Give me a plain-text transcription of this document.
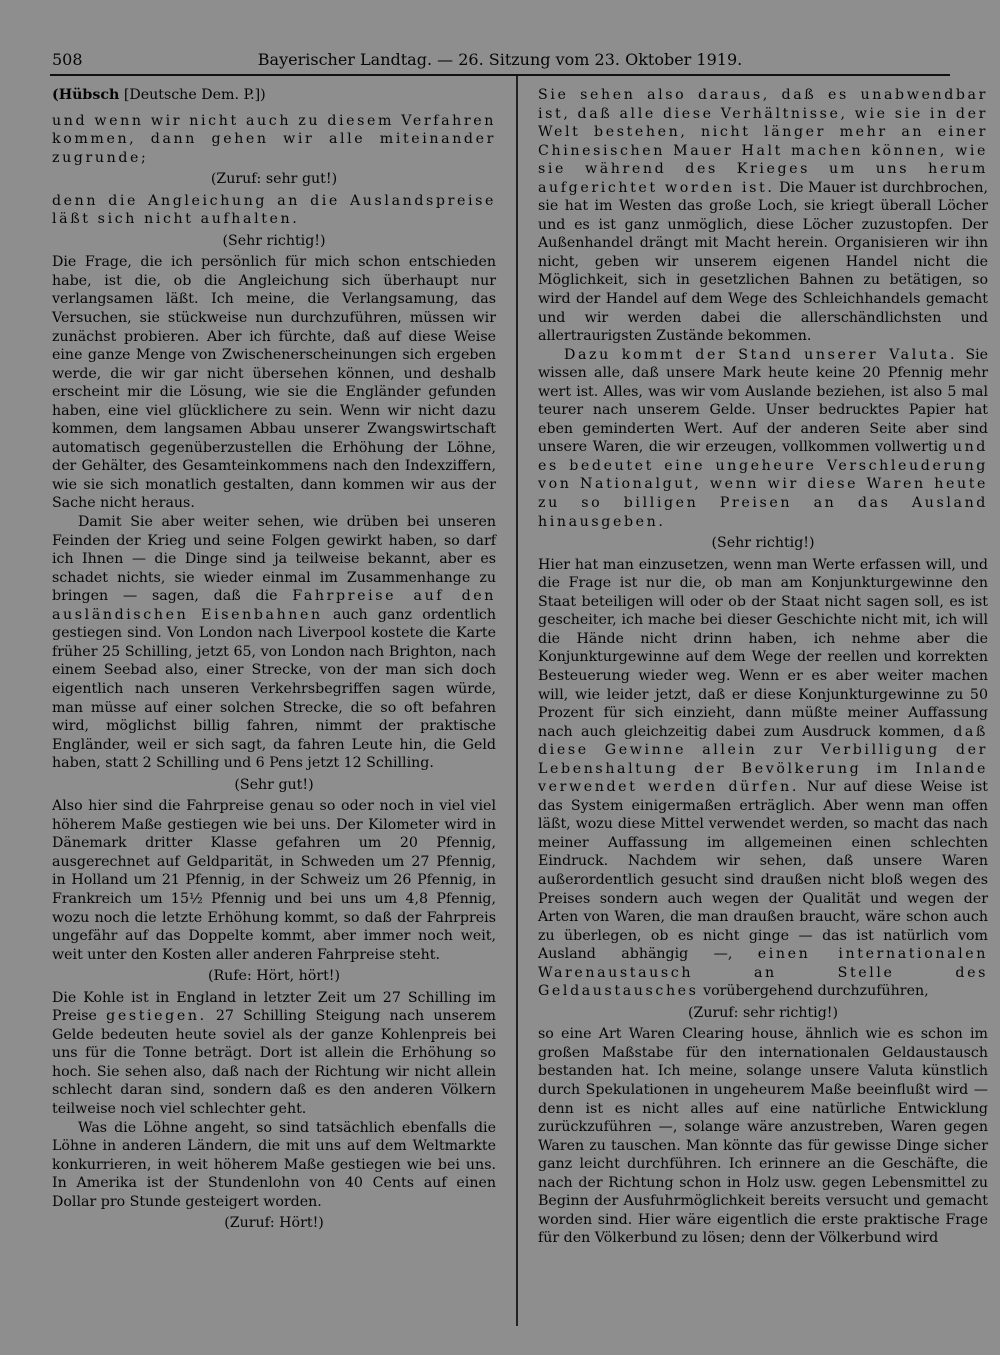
508	Bayerischer Landtag. — 26. Sitzung vom 23. Oktober 1919.

(Hübsch [Deutsche Dem. P.])

und wenn wir nicht auch zu diesem Verfahren kommen, dann gehen wir alle miteinander zugrunde;

(Zuruf: sehr gut!)

denn die Angleichung an die Auslandspreise läßt sich nicht aufhalten.

(Sehr richtig!)

Die Frage, die ich persönlich für mich schon entschieden habe, ist die, ob die Angleichung sich überhaupt nur verlangsamen läßt. Ich meine, die Verlangsamung, das Versuchen, sie stückweise nun durchzuführen, müssen wir zunächst probieren. Aber ich fürchte, daß auf diese Weise eine ganze Menge von Zwischenerscheinungen sich ergeben werde, die wir gar nicht übersehen können, und deshalb erscheint mir die Lösung, wie sie die Engländer gefunden haben, eine viel glücklichere zu sein. Wenn wir nicht dazu kommen, dem langsamen Abbau unserer Zwangswirtschaft automatisch gegenüberzustellen die Erhöhung der Löhne, der Gehälter, des Gesamteinkommens nach den Indexziffern, wie sie sich monatlich gestalten, dann kommen wir aus der Sache nicht heraus.

Damit Sie aber weiter sehen, wie drüben bei unseren Feinden der Krieg und seine Folgen gewirkt haben, so darf ich Ihnen — die Dinge sind ja teilweise bekannt, aber es schadet nichts, sie wieder einmal im Zusammenhange zu bringen — sagen, daß die Fahrpreise auf den ausländischen Eisenbahnen auch ganz ordentlich gestiegen sind. Von London nach Liverpool kostete die Karte früher 25 Schilling, jetzt 65, von London nach Brighton, nach einem Seebad also, einer Strecke, von der man sich doch eigentlich nach unseren Verkehrsbegriffen sagen würde, man müsse auf einer solchen Strecke, die so oft befahren wird, möglichst billig fahren, nimmt der praktische Engländer, weil er sich sagt, da fahren Leute hin, die Geld haben, statt 2 Schilling und 6 Pens jetzt 12 Schilling.

(Sehr gut!)

Also hier sind die Fahrpreise genau so oder noch in viel viel höherem Maße gestiegen wie bei uns. Der Kilometer wird in Dänemark dritter Klasse gefahren um 20 Pfennig, ausgerechnet auf Geldparität, in Schweden um 27 Pfennig, in Holland um 21 Pfennig, in der Schweiz um 26 Pfennig, in Frankreich um 15½ Pfennig und bei uns um 4,8 Pfennig, wozu noch die letzte Erhöhung kommt, so daß der Fahrpreis ungefähr auf das Doppelte kommt, aber immer noch weit, weit unter den Kosten aller anderen Fahrpreise steht.

(Rufe: Hört, hört!)

Die Kohle ist in England in letzter Zeit um 27 Schilling im Preise gestiegen. 27 Schilling Steigung nach unserem Gelde bedeuten heute soviel als der ganze Kohlenpreis bei uns für die Tonne beträgt. Dort ist allein die Erhöhung so hoch. Sie sehen also, daß nach der Richtung wir nicht allein schlecht daran sind, sondern daß es den anderen Völkern teilweise noch viel schlechter geht.

Was die Löhne angeht, so sind tatsächlich ebenfalls die Löhne in anderen Ländern, die mit uns auf dem Weltmarkte konkurrieren, in weit höherem Maße gestiegen wie bei uns. In Amerika ist der Stundenlohn von 40 Cents auf einen Dollar pro Stunde gesteigert worden.

(Zuruf: Hört!)

Sie sehen also daraus, daß es unabwendbar ist, daß alle diese Verhältnisse, wie sie in der Welt bestehen, nicht länger mehr an einer Chinesischen Mauer Halt machen können, wie sie während des Krieges um uns herum aufgerichtet worden ist. Die Mauer ist durchbrochen, sie hat im Westen das große Loch, sie kriegt überall Löcher und es ist ganz unmöglich, diese Löcher zuzustopfen. Der Außenhandel drängt mit Macht herein. Organisieren wir ihn nicht, geben wir unserem eigenen Handel nicht die Möglichkeit, sich in gesetzlichen Bahnen zu betätigen, so wird der Handel auf dem Wege des Schleichhandels gemacht und wir werden dabei die allerschändlichsten und allertraurigsten Zustände bekommen.

Dazu kommt der Stand unserer Valuta. Sie wissen alle, daß unsere Mark heute keine 20 Pfennig mehr wert ist. Alles, was wir vom Auslande beziehen, ist also 5 mal teurer nach unserem Gelde. Unser bedrucktes Papier hat eben geminderten Wert. Auf der anderen Seite aber sind unsere Waren, die wir erzeugen, vollkommen vollwertig und es bedeutet eine ungeheure Verschleuderung von Nationalgut, wenn wir diese Waren heute zu so billigen Preisen an das Ausland hinausgeben.

(Sehr richtig!)

Hier hat man einzusetzen, wenn man Werte erfassen will, und die Frage ist nur die, ob man am Konjunkturgewinne den Staat beteiligen will oder ob der Staat nicht sagen soll, es ist gescheiter, ich mache bei dieser Geschichte nicht mit, ich will die Hände nicht drinn haben, ich nehme aber die Konjunkturgewinne auf dem Wege der reellen und korrekten Besteuerung wieder weg. Wenn er es aber weiter machen will, wie leider jetzt, daß er diese Konjunkturgewinne zu 50 Prozent für sich einzieht, dann müßte meiner Auffassung nach auch gleichzeitig dabei zum Ausdruck kommen, daß diese Gewinne allein zur Verbilligung der Lebenshaltung der Bevölkerung im Inlande verwendet werden dürfen. Nur auf diese Weise ist das System einigermaßen erträglich. Aber wenn man offen läßt, wozu diese Mittel verwendet werden, so macht das nach meiner Auffassung im allgemeinen einen schlechten Eindruck. Nachdem wir sehen, daß unsere Waren außerordentlich gesucht sind draußen nicht bloß wegen des Preises sondern auch wegen der Qualität und wegen der Arten von Waren, die man draußen braucht, wäre schon auch zu überlegen, ob es nicht ginge — das ist natürlich vom Ausland abhängig —, einen internationalen Warenaustausch an Stelle des Geldaustausches vorübergehend durchzuführen,

(Zuruf: sehr richtig!)

so eine Art Waren Clearing house, ähnlich wie es schon im großen Maßstabe für den internationalen Geldaustausch bestanden hat. Ich meine, solange unsere Valuta künstlich durch Spekulationen in ungeheurem Maße beeinflußt wird — denn ist es nicht alles auf eine natürliche Entwicklung zurückzuführen —, solange wäre anzustreben, Waren gegen Waren zu tauschen. Man könnte das für gewisse Dinge sicher ganz leicht durchführen. Ich erinnere an die Geschäfte, die nach der Richtung schon in Holz usw. gegen Lebensmittel zu Beginn der Ausfuhrmöglichkeit bereits versucht und gemacht worden sind. Hier wäre eigentlich die erste praktische Frage für den Völkerbund zu lösen; denn der Völkerbund wird
